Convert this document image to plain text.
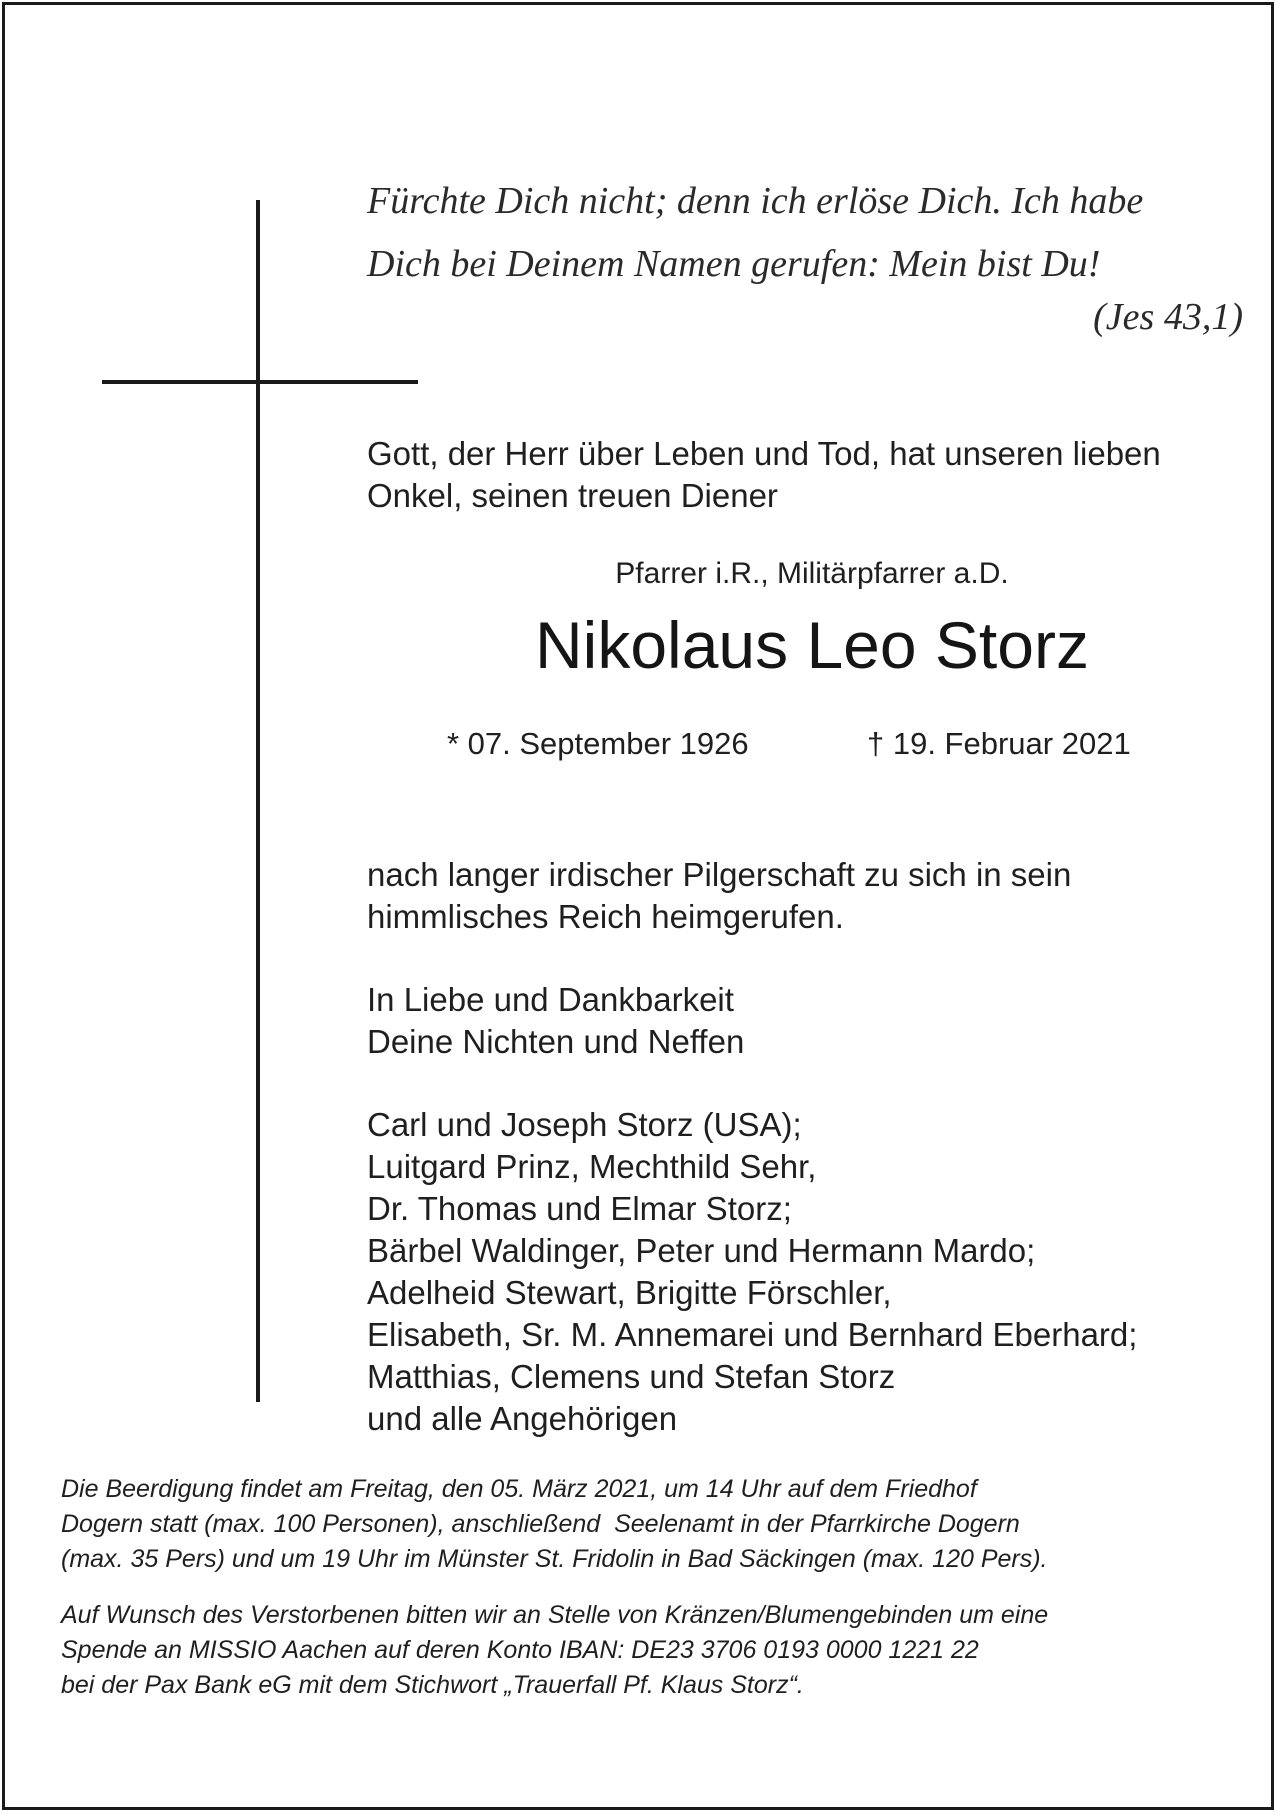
Fürchte Dich nicht; denn ich erlöse Dich. Ich habe
Dich bei Deinem Namen gerufen: Mein bist Du!
(Jes 43,1)
Gott, der Herr über Leben und Tod, hat unseren lieben
Onkel, seinen treuen Diener
Pfarrer i.R., Militärpfarrer a.D.
Nikolaus Leo Storz
* 07. September 1926	† 19. Februar 2021
nach langer irdischer Pilgerschaft zu sich in sein
himmlisches Reich heimgerufen.
In Liebe und Dankbarkeit
Deine Nichten und Neffen
Carl und Joseph Storz (USA);
Luitgard Prinz, Mechthild Sehr,
Dr. Thomas und Elmar Storz;
Bärbel Waldinger, Peter und Hermann Mardo;
Adelheid Stewart, Brigitte Förschler,
Elisabeth, Sr. M. Annemarei und Bernhard Eberhard;
Matthias, Clemens und Stefan Storz
und alle Angehörigen
Die Beerdigung findet am Freitag, den 05. März 2021, um 14 Uhr auf dem Friedhof
Dogern statt (max. 100 Personen), anschließend  Seelenamt in der Pfarrkirche Dogern
(max. 35 Pers) und um 19 Uhr im Münster St. Fridolin in Bad Säckingen (max. 120 Pers).
Auf Wunsch des Verstorbenen bitten wir an Stelle von Kränzen/Blumengebinden um eine
Spende an MISSIO Aachen auf deren Konto IBAN: DE23 3706 0193 0000 1221 22
bei der Pax Bank eG mit dem Stichwort „Trauerfall Pf. Klaus Storz“.
